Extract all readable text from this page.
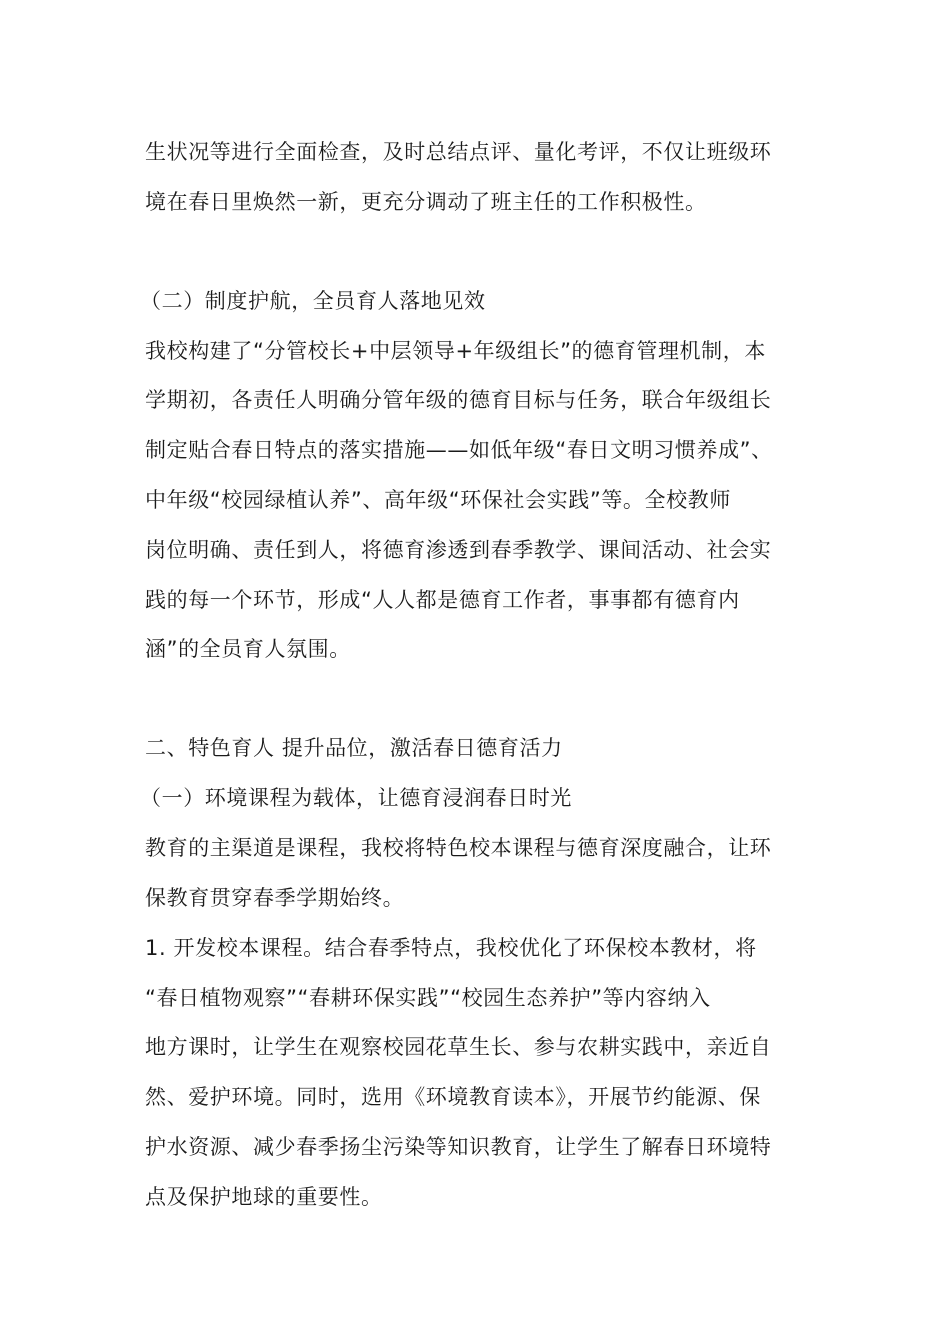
生状况等进行全面检查，及时总结点评、量化考评，不仅让班级环
境在春日里焕然一新，更充分调动了班主任的工作积极性。
（二）制度护航，全员育人落地见效
我校构建了“分管校长+中层领导+年级组长”的德育管理机制，本
学期初，各责任人明确分管年级的德育目标与任务，联合年级组长
制定贴合春日特点的落实措施——如低年级“春日文明习惯养成”、
中年级“校园绿植认养”、高年级“环保社会实践”等。全校教师
岗位明确、责任到人，将德育渗透到春季教学、课间活动、社会实
践的每一个环节，形成“人人都是德育工作者，事事都有德育内
涵”的全员育人氛围。
二、特色育人 提升品位，激活春日德育活力
（一）环境课程为载体，让德育浸润春日时光
教育的主渠道是课程，我校将特色校本课程与德育深度融合，让环
保教育贯穿春季学期始终。
1. 开发校本课程。结合春季特点，我校优化了环保校本教材，将
“春日植物观察”“春耕环保实践”“校园生态养护”等内容纳入
地方课时，让学生在观察校园花草生长、参与农耕实践中，亲近自
然、爱护环境。同时，选用《环境教育读本》，开展节约能源、保
护水资源、减少春季扬尘污染等知识教育，让学生了解春日环境特
点及保护地球的重要性。
